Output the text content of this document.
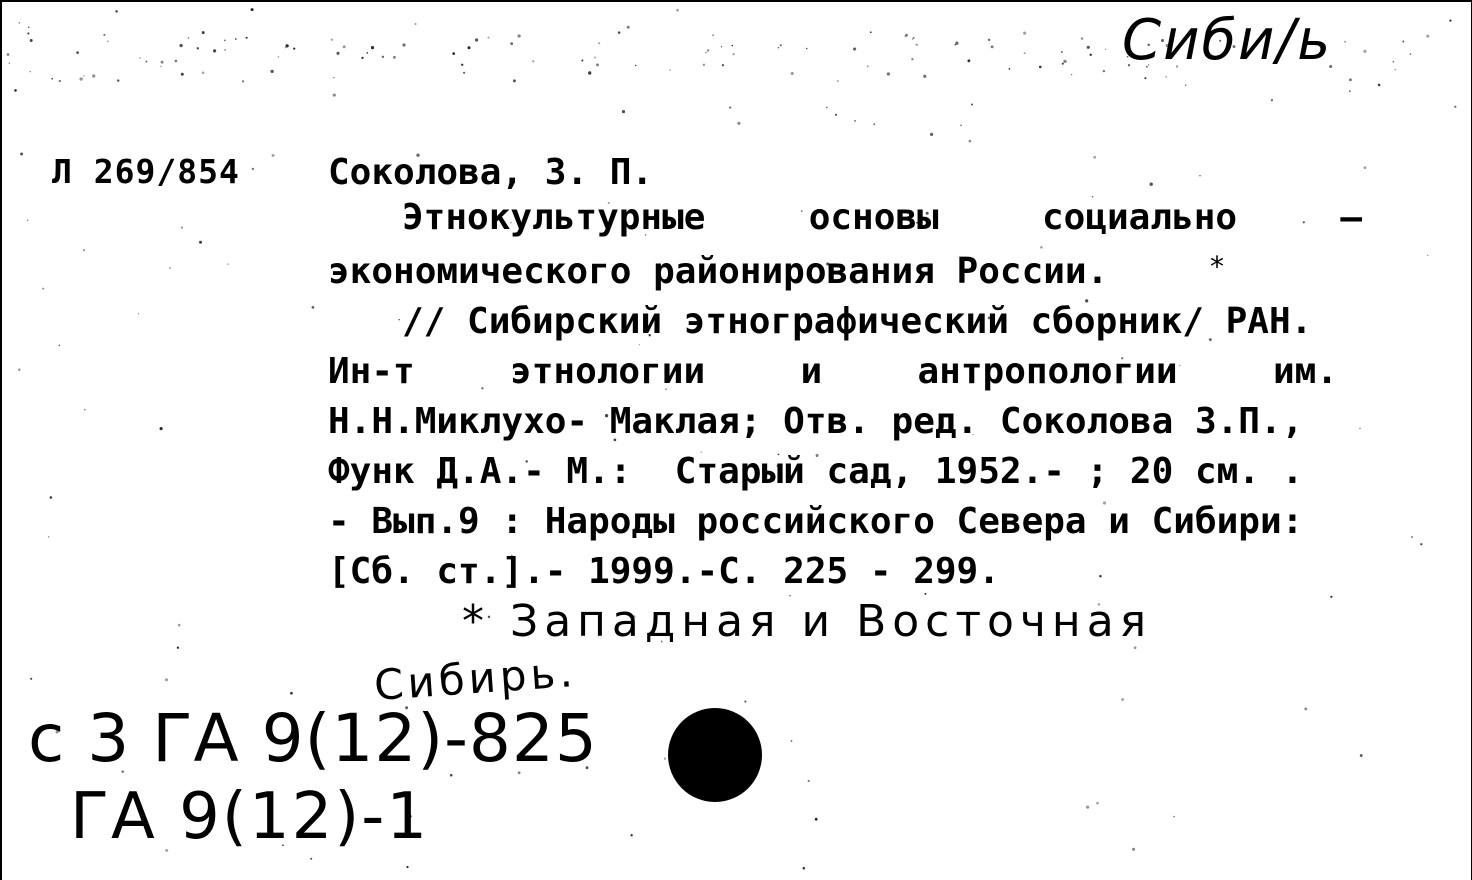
Сиби/ь
Л 269/854 Соколова, З. П.
Этнокультурные	основы	социально	–
экономического районирования России.	*
// Сибирский этнографический сборник/ РАН.
Ин-т	этнологии	и	антропологии	им.
Н.Н.Миклухо- Маклая; Отв. ред. Соколова З.П.,
Функ Д.А.- М.:  Старый сад, 1952.- ; 20 см. .
- Вып.9 : Народы российского Севера и Сибири:
[Сб. ст.].- 1999.-С. 225 - 299.
* Западная и Восточная
Сибирь.
с 3 ГА 9(12)-825
ГА 9(12)-1
